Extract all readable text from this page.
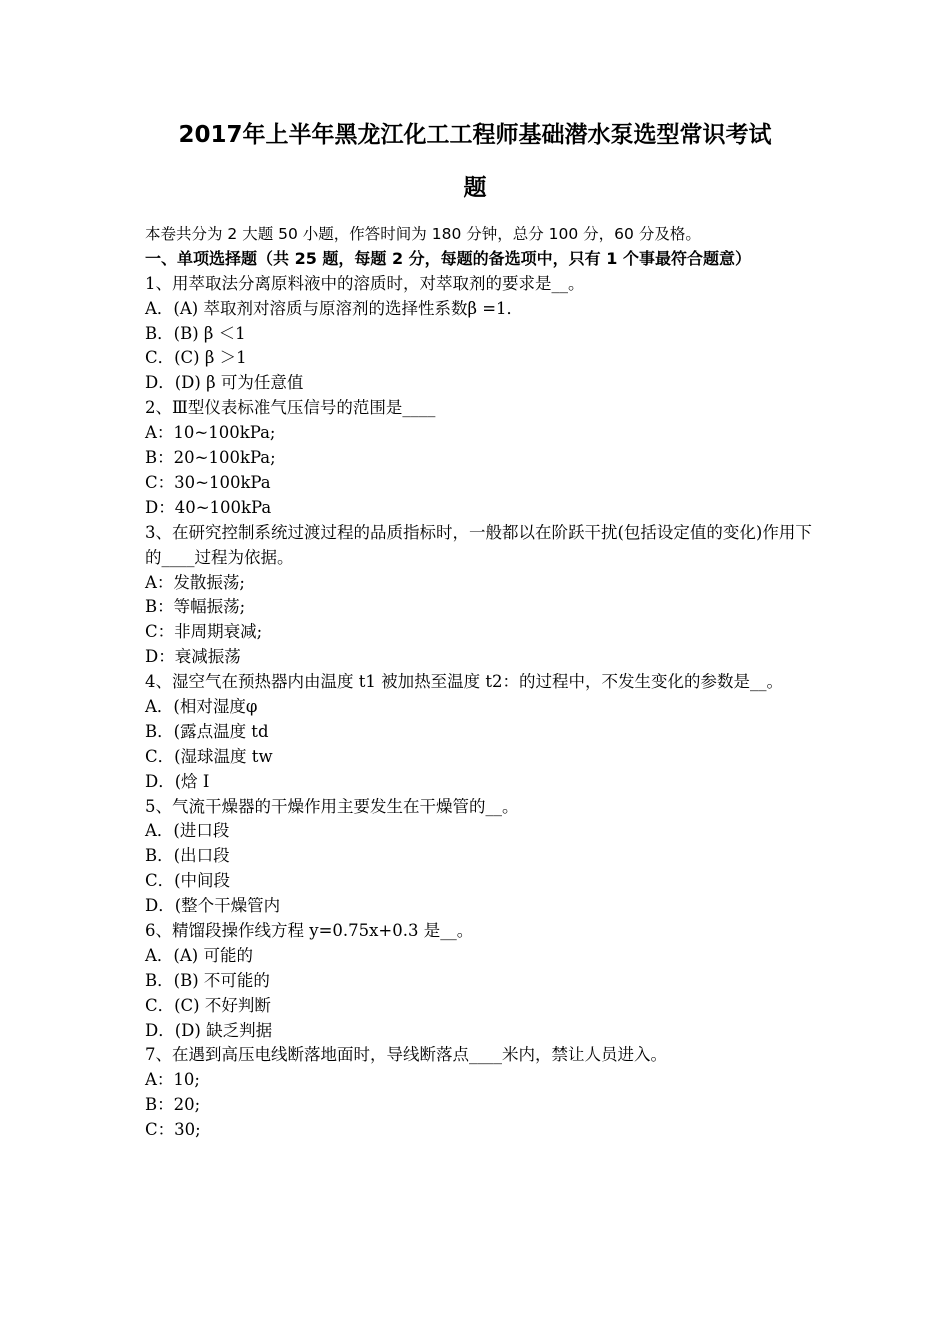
2017年上半年黑龙江化工工程师基础潜水泵选型常识考试
题
本卷共分为 2 大题 50 小题，作答时间为 180 分钟，总分 100 分，60 分及格。
一、单项选择题（共 25 题，每题 2 分，每题的备选项中，只有 1 个事最符合题意）
1、用萃取法分离原料液中的溶质时，对萃取剂的要求是__。
A．(A) 萃取剂对溶质与原溶剂的选择性系数β =1．
B．(B) β ＜1
C．(C) β ＞1
D．(D) β 可为任意值
2、Ⅲ型仪表标准气压信号的范围是____
A：10~100kPa;
B：20~100kPa;
C：30~100kPa
D：40~100kPa
3、在研究控制系统过渡过程的品质指标时，一般都以在阶跃干扰(包括设定值的变化)作用下的____过程为依据。
A：发散振荡;
B：等幅振荡;
C：非周期衰减;
D：衰减振荡
4、湿空气在预热器内由温度 t1 被加热至温度 t2：的过程中，不发生变化的参数是__。
A．(相对湿度φ
B．(露点温度 td
C．(湿球温度 tw
D．(焓 I
5、气流干燥器的干燥作用主要发生在干燥管的__。
A．(进口段
B．(出口段
C．(中间段
D．(整个干燥管内
6、精馏段操作线方程 y=0.75x+0.3 是__。
A．(A) 可能的
B．(B) 不可能的
C．(C) 不好判断
D．(D) 缺乏判据
7、在遇到高压电线断落地面时，导线断落点____米内，禁让人员进入。
A：10;
B：20;
C：30;
